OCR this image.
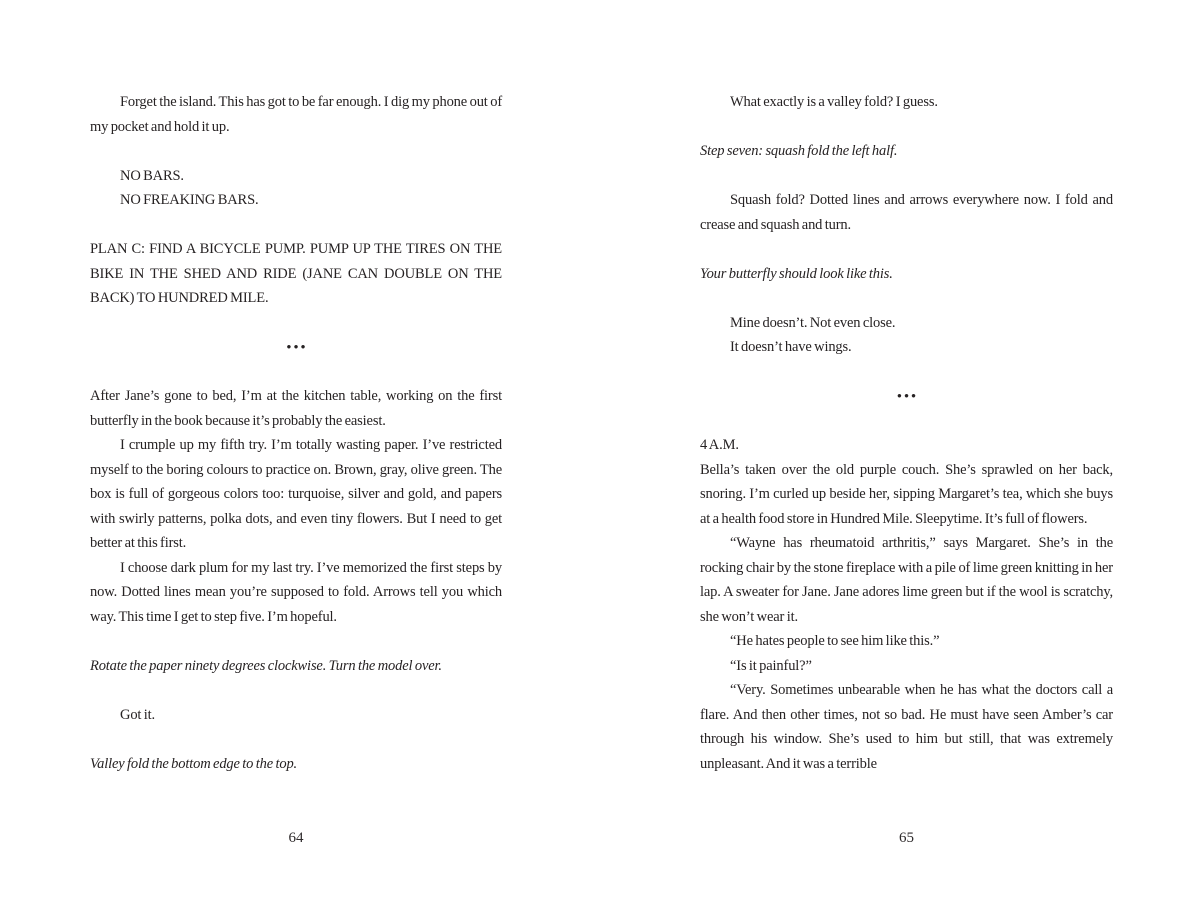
Forget the island. This has got to be far enough. I dig my phone out of my pocket and hold it up.
NO BARS.
NO FREAKING BARS.
PLAN C: FIND A BICYCLE PUMP. PUMP UP THE TIRES ON THE BIKE IN THE SHED AND RIDE (JANE CAN DOUBLE ON THE BACK) TO HUNDRED MILE.
•••
After Jane’s gone to bed, I’m at the kitchen table, working on the first butterfly in the book because it’s probably the easiest.
I crumple up my fifth try. I’m totally wasting paper. I’ve restricted myself to the boring colours to practice on. Brown, gray, olive green. The box is full of gorgeous colors too: turquoise, silver and gold, and papers with swirly patterns, polka dots, and even tiny flowers. But I need to get better at this first.
I choose dark plum for my last try. I’ve memorized the first steps by now. Dotted lines mean you’re supposed to fold. Arrows tell you which way. This time I get to step five. I’m hopeful.
Rotate the paper ninety degrees clockwise. Turn the model over.
Got it.
Valley fold the bottom edge to the top.
What exactly is a valley fold? I guess.
Step seven: squash fold the left half.
Squash fold? Dotted lines and arrows everywhere now. I fold and crease and squash and turn.
Your butterfly should look like this.
Mine doesn’t. Not even close.
It doesn’t have wings.
•••
4 A.M.
Bella’s taken over the old purple couch. She’s sprawled on her back, snoring. I’m curled up beside her, sipping Margaret’s tea, which she buys at a health food store in Hundred Mile. Sleepytime. It’s full of flowers.
“Wayne has rheumatoid arthritis,” says Margaret. She’s in the rocking chair by the stone fireplace with a pile of lime green knitting in her lap. A sweater for Jane. Jane adores lime green but if the wool is scratchy, she won’t wear it.
“He hates people to see him like this.”
“Is it painful?”
“Very. Sometimes unbearable when he has what the doctors call a flare. And then other times, not so bad. He must have seen Amber’s car through his window. She’s used to him but still, that was extremely unpleasant. And it was a terrible
64	65
